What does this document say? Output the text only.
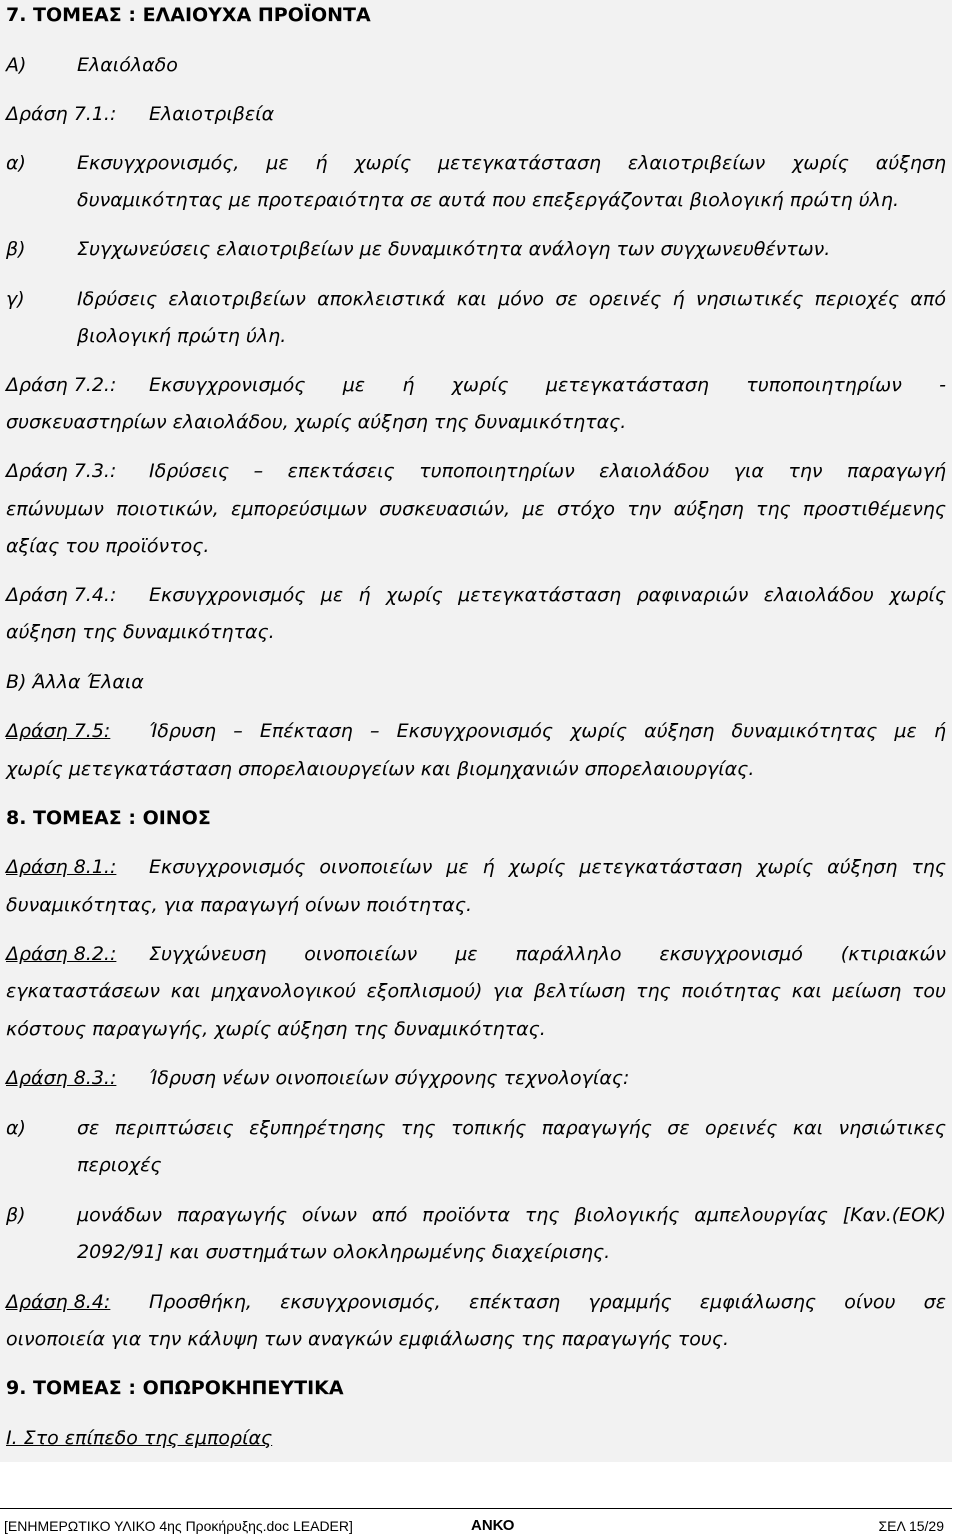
7. ΤΟΜΕΑΣ : ΕΛΑΙΟΥΧΑ ΠΡΟΪΟΝΤΑ
Α)	Ελαιόλαδο
Δράση 7.1.: Ελαιοτριβεία
α)	Εκσυγχρονισμός, με ή χωρίς μετεγκατάσταση ελαιοτριβείων χωρίς αύξηση
δυναμικότητας με προτεραιότητα σε αυτά που επεξεργάζονται βιολογική πρώτη ύλη.
β)	Συγχωνεύσεις ελαιοτριβείων με δυναμικότητα ανάλογη των συγχωνευθέντων.
γ)	Ιδρύσεις ελαιοτριβείων αποκλειστικά και μόνο σε ορεινές ή νησιωτικές περιοχές από
βιολογική πρώτη ύλη.
Δράση 7.2.: Εκσυγχρονισμός με ή χωρίς μετεγκατάσταση τυποποιητηρίων -
συσκευαστηρίων ελαιολάδου, χωρίς αύξηση της δυναμικότητας.
Δράση 7.3.: Ιδρύσεις – επεκτάσεις τυποποιητηρίων ελαιολάδου για την παραγωγή
επώνυμων ποιοτικών, εμπορεύσιμων συσκευασιών, με στόχο την αύξηση της προστιθέμενης
αξίας του προϊόντος.
Δράση 7.4.: Εκσυγχρονισμός με ή χωρίς μετεγκατάσταση ραφιναριών ελαιολάδου χωρίς
αύξηση της δυναμικότητας.
Β) Άλλα Έλαια
Δράση 7.5: Ίδρυση – Επέκταση – Εκσυγχρονισμός χωρίς αύξηση δυναμικότητας με ή
χωρίς μετεγκατάσταση σπορελαιουργείων και βιομηχανιών σπορελαιουργίας.
8. ΤΟΜΕΑΣ : ΟΙΝΟΣ
Δράση 8.1.: Εκσυγχρονισμός οινοποιείων με ή χωρίς μετεγκατάσταση χωρίς αύξηση της
δυναμικότητας, για παραγωγή οίνων ποιότητας.
Δράση 8.2.: Συγχώνευση οινοποιείων με παράλληλο εκσυγχρονισμό (κτιριακών
εγκαταστάσεων και μηχανολογικού εξοπλισμού) για βελτίωση της ποιότητας και μείωση του
κόστους παραγωγής, χωρίς αύξηση της δυναμικότητας.
Δράση 8.3.: Ίδρυση νέων οινοποιείων σύγχρονης τεχνολογίας:
α)	σε περιπτώσεις εξυπηρέτησης της τοπικής παραγωγής σε ορεινές και νησιώτικες
περιοχές
β)	μονάδων παραγωγής οίνων από προϊόντα της βιολογικής αμπελουργίας [Καν.(ΕΟΚ)
2092/91] και συστημάτων ολοκληρωμένης διαχείρισης.
Δράση 8.4: Προσθήκη, εκσυγχρονισμός, επέκταση γραμμής εμφιάλωσης οίνου σε
οινοποιεία για την κάλυψη των αναγκών εμφιάλωσης της παραγωγής τους.
9. ΤΟΜΕΑΣ : ΟΠΩΡΟΚΗΠΕΥΤΙΚΑ
Ι. Στο επίπεδο της εμπορίας
[ΕΝΗΜΕΡΩΤΙΚΟ ΥΛΙΚΟ 4ης Προκήρυξης.doc LEADER]	ΑΝΚΟ	ΣΕΛ 15/29
